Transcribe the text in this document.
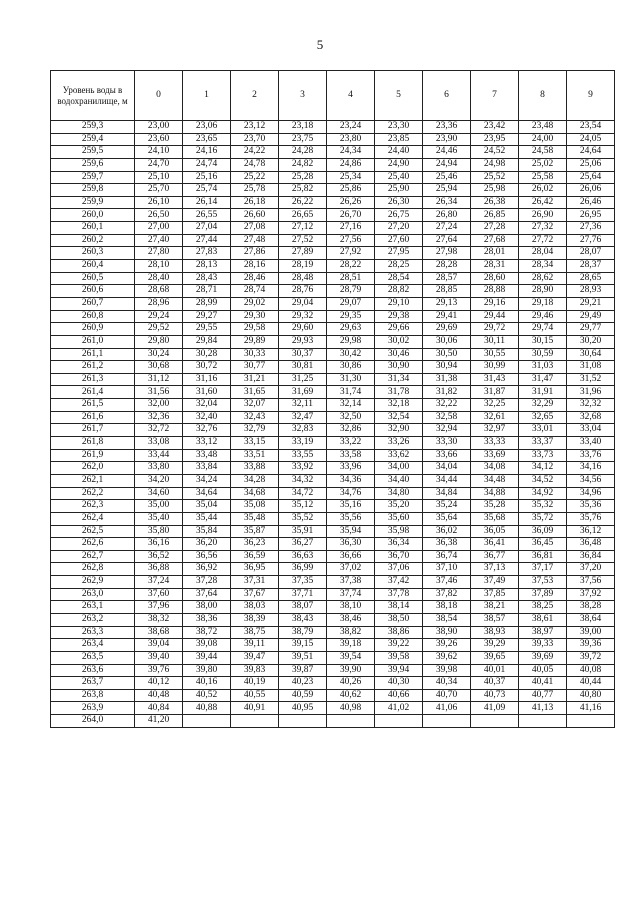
5
Уровень воды в водохранилище, м	0	1	2	3	4	5	6	7	8	9
259,3	23,00	23,06	23,12	23,18	23,24	23,30	23,36	23,42	23,48	23,54
259,4	23,60	23,65	23,70	23,75	23,80	23,85	23,90	23,95	24,00	24,05
259,5	24,10	24,16	24,22	24,28	24,34	24,40	24,46	24,52	24,58	24,64
259,6	24,70	24,74	24,78	24,82	24,86	24,90	24,94	24,98	25,02	25,06
259,7	25,10	25,16	25,22	25,28	25,34	25,40	25,46	25,52	25,58	25,64
259,8	25,70	25,74	25,78	25,82	25,86	25,90	25,94	25,98	26,02	26,06
259,9	26,10	26,14	26,18	26,22	26,26	26,30	26,34	26,38	26,42	26,46
260,0	26,50	26,55	26,60	26,65	26,70	26,75	26,80	26,85	26,90	26,95
260,1	27,00	27,04	27,08	27,12	27,16	27,20	27,24	27,28	27,32	27,36
260,2	27,40	27,44	27,48	27,52	27,56	27,60	27,64	27,68	27,72	27,76
260,3	27,80	27,83	27,86	27,89	27,92	27,95	27,98	28,01	28,04	28,07
260,4	28,10	28,13	28,16	28,19	28,22	28,25	28,28	28,31	28,34	28,37
260,5	28,40	28,43	28,46	28,48	28,51	28,54	28,57	28,60	28,62	28,65
260,6	28,68	28,71	28,74	28,76	28,79	28,82	28,85	28,88	28,90	28,93
260,7	28,96	28,99	29,02	29,04	29,07	29,10	29,13	29,16	29,18	29,21
260,8	29,24	29,27	29,30	29,32	29,35	29,38	29,41	29,44	29,46	29,49
260,9	29,52	29,55	29,58	29,60	29,63	29,66	29,69	29,72	29,74	29,77
261,0	29,80	29,84	29,89	29,93	29,98	30,02	30,06	30,11	30,15	30,20
261,1	30,24	30,28	30,33	30,37	30,42	30,46	30,50	30,55	30,59	30,64
261,2	30,68	30,72	30,77	30,81	30,86	30,90	30,94	30,99	31,03	31,08
261,3	31,12	31,16	31,21	31,25	31,30	31,34	31,38	31,43	31,47	31,52
261,4	31,56	31,60	31,65	31,69	31,74	31,78	31,82	31,87	31,91	31,96
261,5	32,00	32,04	32,07	32,11	32,14	32,18	32,22	32,25	32,29	32,32
261,6	32,36	32,40	32,43	32,47	32,50	32,54	32,58	32,61	32,65	32,68
261,7	32,72	32,76	32,79	32,83	32,86	32,90	32,94	32,97	33,01	33,04
261,8	33,08	33,12	33,15	33,19	33,22	33,26	33,30	33,33	33,37	33,40
261,9	33,44	33,48	33,51	33,55	33,58	33,62	33,66	33,69	33,73	33,76
262,0	33,80	33,84	33,88	33,92	33,96	34,00	34,04	34,08	34,12	34,16
262,1	34,20	34,24	34,28	34,32	34,36	34,40	34,44	34,48	34,52	34,56
262,2	34,60	34,64	34,68	34,72	34,76	34,80	34,84	34,88	34,92	34,96
262,3	35,00	35,04	35,08	35,12	35,16	35,20	35,24	35,28	35,32	35,36
262,4	35,40	35,44	35,48	35,52	35,56	35,60	35,64	35,68	35,72	35,76
262,5	35,80	35,84	35,87	35,91	35,94	35,98	36,02	36,05	36,09	36,12
262,6	36,16	36,20	36,23	36,27	36,30	36,34	36,38	36,41	36,45	36,48
262,7	36,52	36,56	36,59	36,63	36,66	36,70	36,74	36,77	36,81	36,84
262,8	36,88	36,92	36,95	36,99	37,02	37,06	37,10	37,13	37,17	37,20
262,9	37,24	37,28	37,31	37,35	37,38	37,42	37,46	37,49	37,53	37,56
263,0	37,60	37,64	37,67	37,71	37,74	37,78	37,82	37,85	37,89	37,92
263,1	37,96	38,00	38,03	38,07	38,10	38,14	38,18	38,21	38,25	38,28
263,2	38,32	38,36	38,39	38,43	38,46	38,50	38,54	38,57	38,61	38,64
263,3	38,68	38,72	38,75	38,79	38,82	38,86	38,90	38,93	38,97	39,00
263,4	39,04	39,08	39,11	39,15	39,18	39,22	39,26	39,29	39,33	39,36
263,5	39,40	39,44	39,47	39,51	39,54	39,58	39,62	39,65	39,69	39,72
263,6	39,76	39,80	39,83	39,87	39,90	39,94	39,98	40,01	40,05	40,08
263,7	40,12	40,16	40,19	40,23	40,26	40,30	40,34	40,37	40,41	40,44
263,8	40,48	40,52	40,55	40,59	40,62	40,66	40,70	40,73	40,77	40,80
263,9	40,84	40,88	40,91	40,95	40,98	41,02	41,06	41,09	41,13	41,16
264,0	41,20									
